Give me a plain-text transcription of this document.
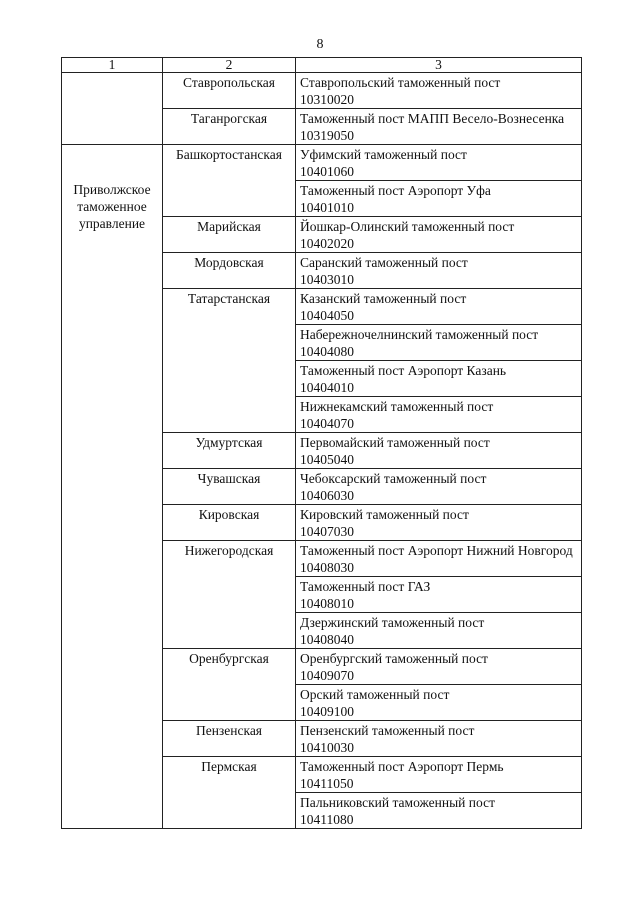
8
1	2	3
	Ставропольская	Ставропольский таможенный пост
10310020

	Таганрогская	Таможенный пост МАПП Весело-Вознесенка
10319050

Приволжское таможенное управление	Башкортостанская	Уфимский таможенный пост
10401060

		Таможенный пост Аэропорт Уфа
10401010

	Марийская	Йошкар-Олинский таможенный пост
10402020

	Мордовская	Саранский таможенный пост
10403010

	Татарстанская	Казанский таможенный пост
10404050

		Набережночелнинский таможенный пост
10404080

		Таможенный пост Аэропорт Казань
10404010

		Нижнекамский таможенный пост
10404070

	Удмуртская	Первомайский таможенный пост
10405040

	Чувашская	Чебоксарский таможенный пост
10406030

	Кировская	Кировский таможенный пост
10407030

	Нижегородская	Таможенный пост Аэропорт Нижний Новгород
10408030

		Таможенный пост ГАЗ
10408010

		Дзержинский таможенный пост
10408040

	Оренбургская	Оренбургский таможенный пост
10409070

		Орский таможенный пост
10409100

	Пензенская	Пензенский таможенный пост
10410030

	Пермская	Таможенный пост Аэропорт Пермь
10411050

		Пальниковский таможенный пост
10411080
